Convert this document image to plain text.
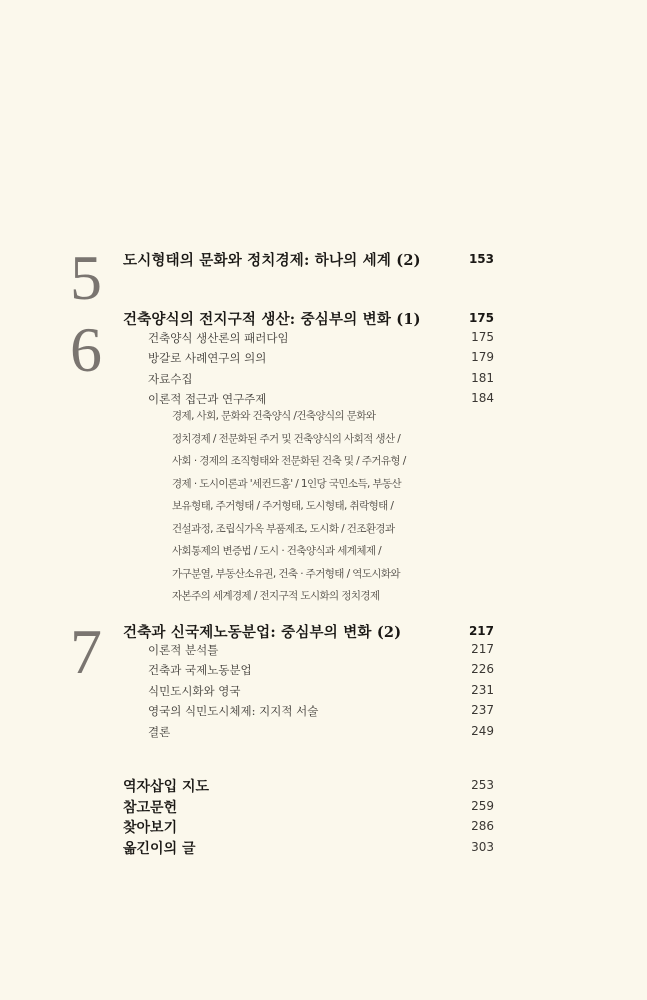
5 도시형태의 문화와 정치경제: 하나의 세계 (2)	153
6 건축양식의 전지구적 생산: 중심부의 변화 (1)	175
건축양식 생산론의 패러다임	175
방갈로 사례연구의 의의	179
자료수집	181
이론적 접근과 연구주제	184
경제, 사회, 문화와 건축양식 /건축양식의 문화와
정치경제 / 전문화된 주거 및 건축양식의 사회적 생산 /
사회 · 경제의 조직형태와 전문화된 건축 및 / 주거유형 /
경제 · 도시이론과 '세컨드홈' / 1인당 국민소득, 부동산
보유형태, 주거형태 / 주거형태, 도시형태, 취락형태 /
건설과정, 조립식가옥 부품제조, 도시화 / 건조환경과
사회통제의 변증법 / 도시 · 건축양식과 세계체제 /
가구분열, 부동산소유권, 건축 · 주거형태 / 역도시화와
자본주의 세계경제 / 전지구적 도시화의 정치경제
7 건축과 신국제노동분업: 중심부의 변화 (2)	217
이론적 분석틀	217
건축과 국제노동분업	226
식민도시화와 영국	231
영국의 식민도시체제: 지지적 서술	237
결론	249
역자삽입 지도	253
참고문헌	259
찾아보기	286
옮긴이의 글	303
